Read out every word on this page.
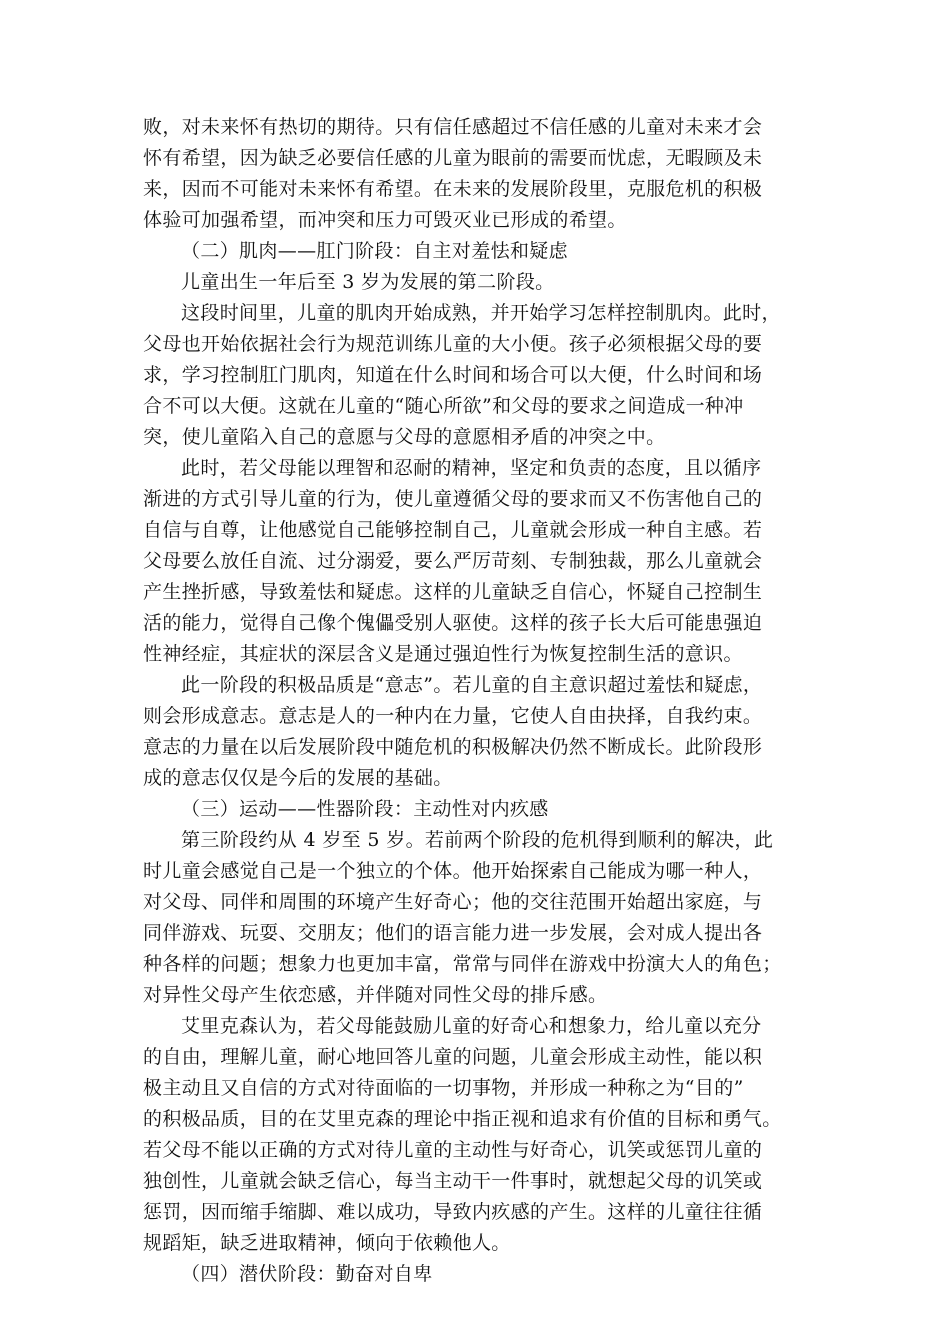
败，对未来怀有热切的期待。只有信任感超过不信任感的儿童对未来才会
怀有希望，因为缺乏必要信任感的儿童为眼前的需要而忧虑，无暇顾及未
来，因而不可能对未来怀有希望。在未来的发展阶段里，克服危机的积极
体验可加强希望，而冲突和压力可毁灭业已形成的希望。
（二）肌肉——肛门阶段：自主对羞怯和疑虑
儿童出生一年后至 3 岁为发展的第二阶段。
这段时间里，儿童的肌肉开始成熟，并开始学习怎样控制肌肉。此时，
父母也开始依据社会行为规范训练儿童的大小便。孩子必须根据父母的要
求，学习控制肛门肌肉，知道在什么时间和场合可以大便，什么时间和场
合不可以大便。这就在儿童的“随心所欲”和父母的要求之间造成一种冲
突，使儿童陷入自己的意愿与父母的意愿相矛盾的冲突之中。
此时，若父母能以理智和忍耐的精神，坚定和负责的态度，且以循序
渐进的方式引导儿童的行为，使儿童遵循父母的要求而又不伤害他自己的
自信与自尊，让他感觉自己能够控制自己，儿童就会形成一种自主感。若
父母要么放任自流、过分溺爱，要么严厉苛刻、专制独裁，那么儿童就会
产生挫折感，导致羞怯和疑虑。这样的儿童缺乏自信心，怀疑自己控制生
活的能力，觉得自己像个傀儡受别人驱使。这样的孩子长大后可能患强迫
性神经症，其症状的深层含义是通过强迫性行为恢复控制生活的意识。
此一阶段的积极品质是“意志”。若儿童的自主意识超过羞怯和疑虑，
则会形成意志。意志是人的一种内在力量，它使人自由抉择，自我约束。
意志的力量在以后发展阶段中随危机的积极解决仍然不断成长。此阶段形
成的意志仅仅是今后的发展的基础。
（三）运动——性器阶段：主动性对内疚感
第三阶段约从 4 岁至 5 岁。若前两个阶段的危机得到顺利的解决，此
时儿童会感觉自己是一个独立的个体。他开始探索自己能成为哪一种人，
对父母、同伴和周围的环境产生好奇心；他的交往范围开始超出家庭，与
同伴游戏、玩耍、交朋友；他们的语言能力进一步发展，会对成人提出各
种各样的问题；想象力也更加丰富，常常与同伴在游戏中扮演大人的角色；
对异性父母产生依恋感，并伴随对同性父母的排斥感。
艾里克森认为，若父母能鼓励儿童的好奇心和想象力，给儿童以充分
的自由，理解儿童，耐心地回答儿童的问题，儿童会形成主动性，能以积
极主动且又自信的方式对待面临的一切事物，并形成一种称之为“目的”
的积极品质，目的在艾里克森的理论中指正视和追求有价值的目标和勇气。
若父母不能以正确的方式对待儿童的主动性与好奇心，讥笑或惩罚儿童的
独创性，儿童就会缺乏信心，每当主动干一件事时，就想起父母的讥笑或
惩罚，因而缩手缩脚、难以成功，导致内疚感的产生。这样的儿童往往循
规蹈矩，缺乏进取精神，倾向于依赖他人。
（四）潜伏阶段：勤奋对自卑
